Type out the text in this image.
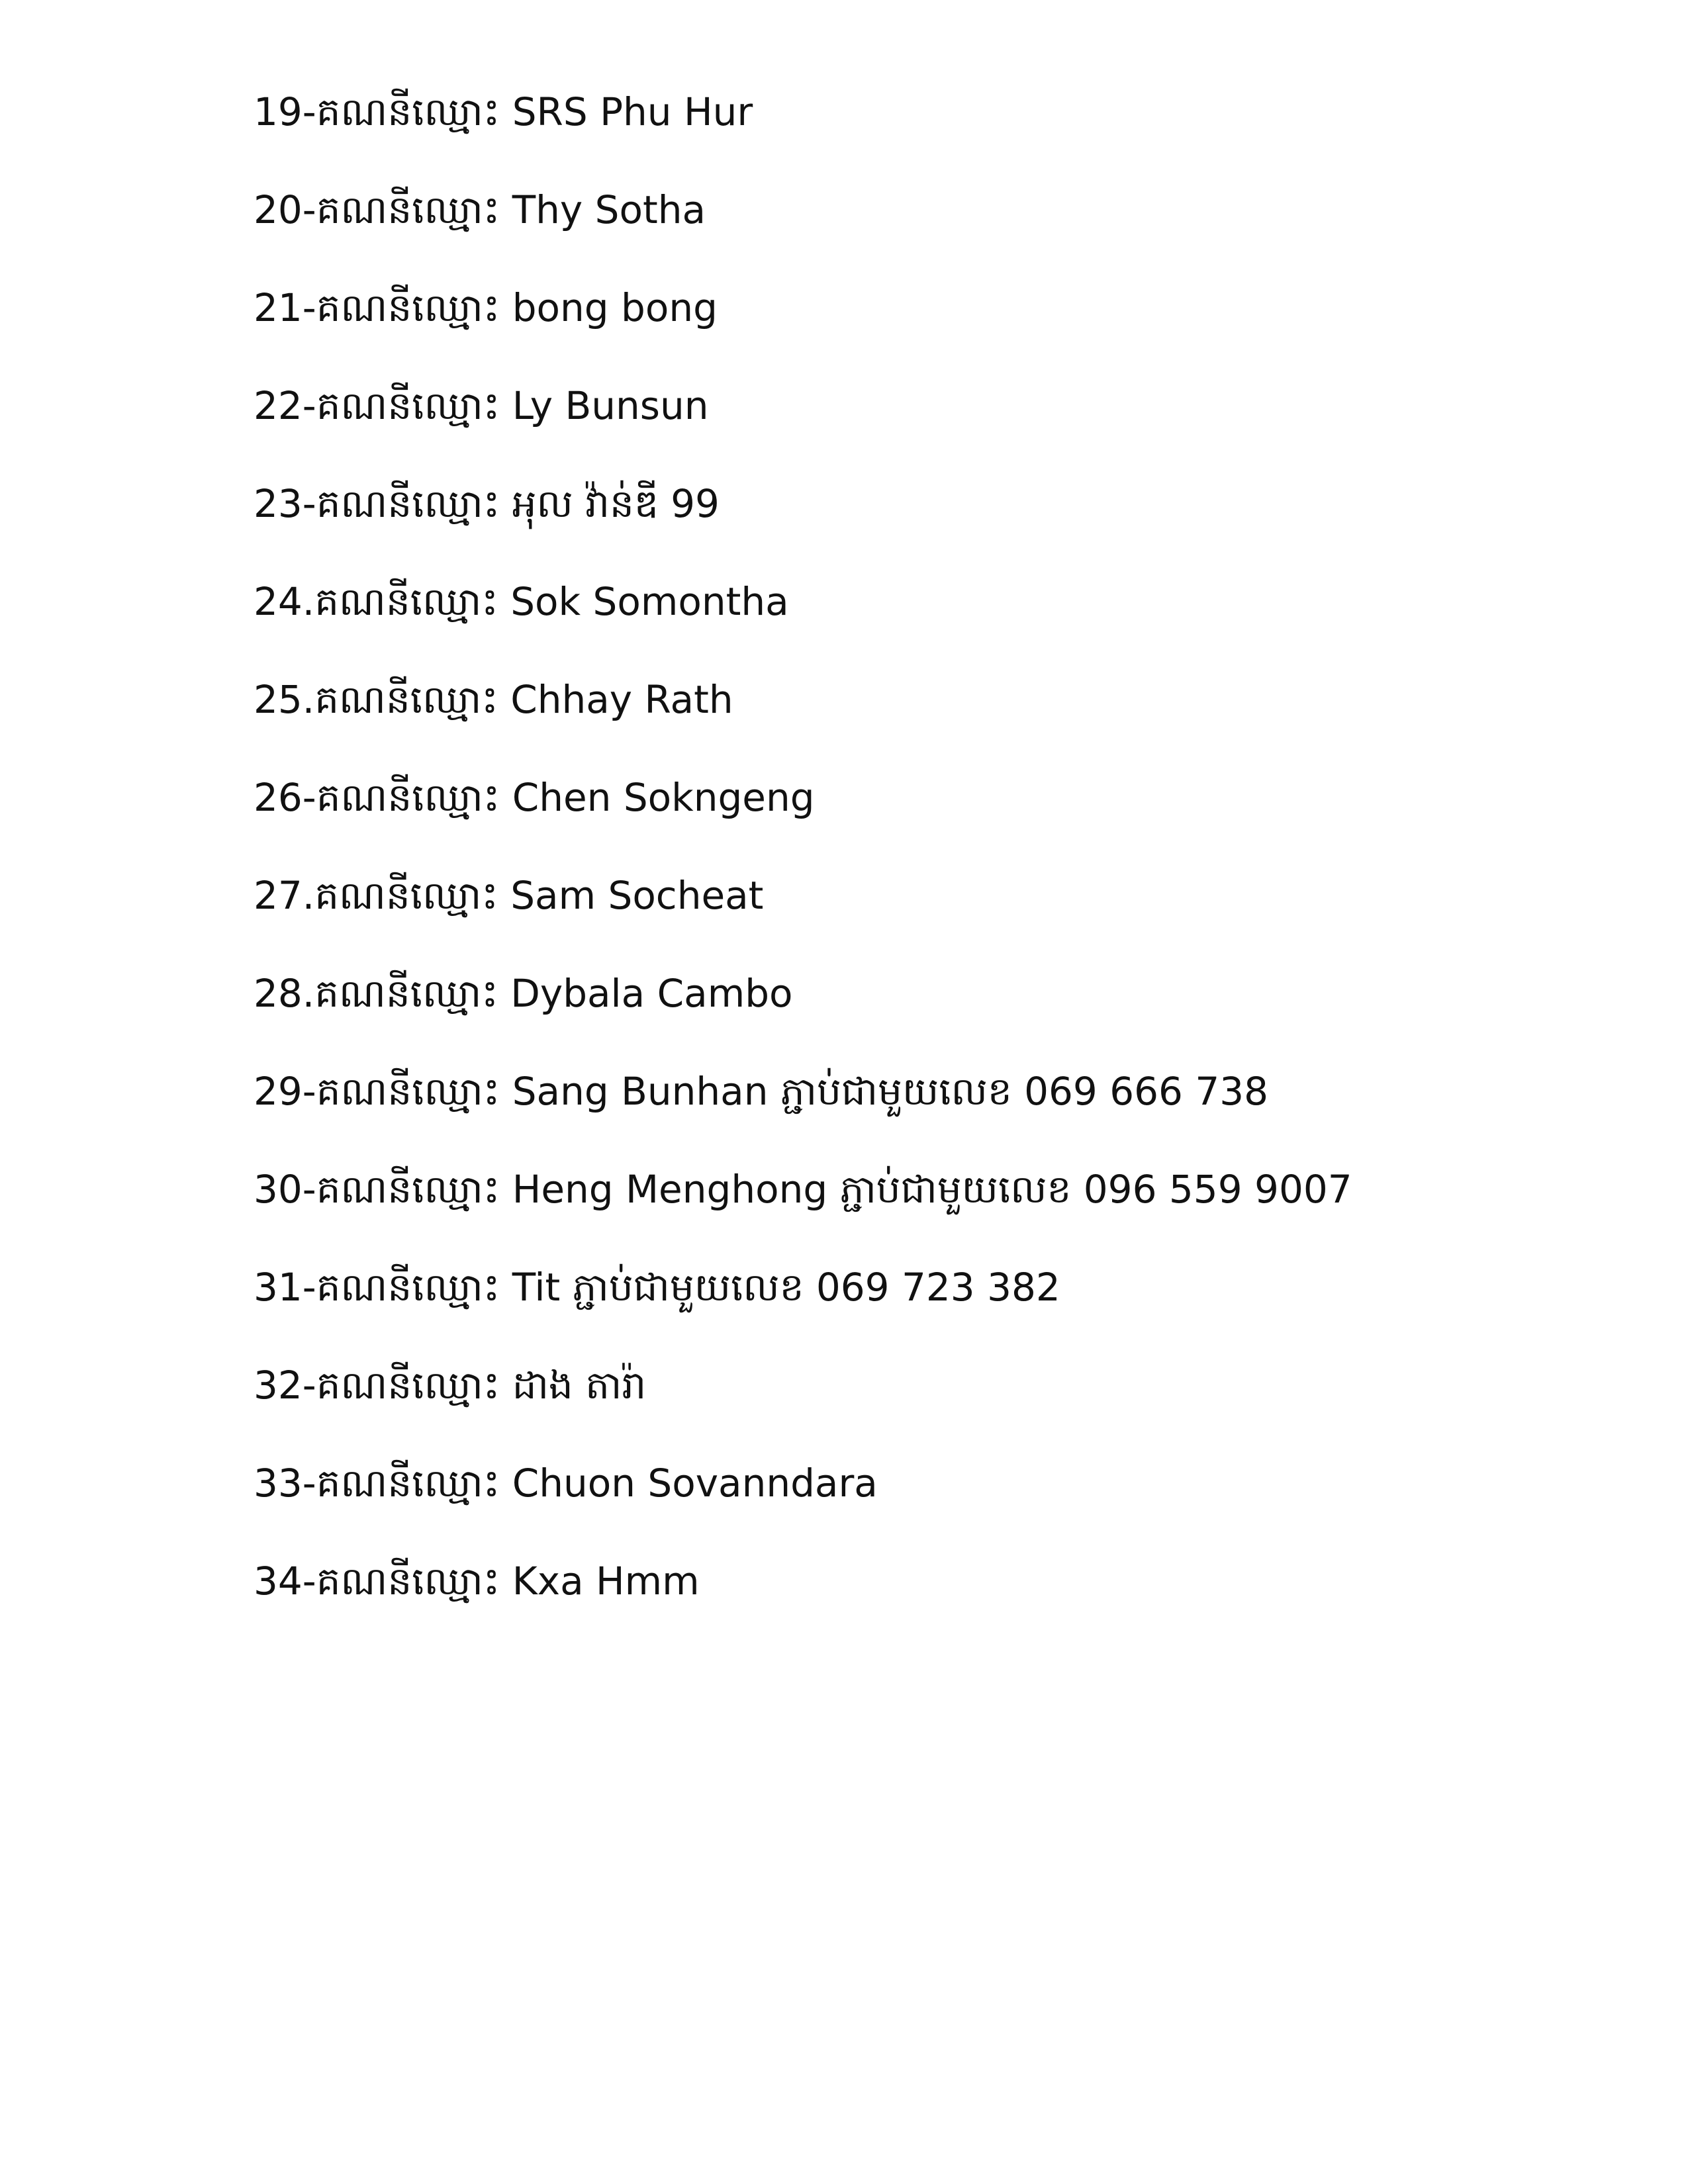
19-គណនីឈ្មោះ SRS Phu Hur
20-គណនីឈ្មោះ Thy Sotha
21-គណនីឈ្មោះ bong bong
22-គណនីឈ្មោះ Ly Bunsun
23-គណនីឈ្មោះ អុល វ៉ាន់ឌី 99
24.គណនីឈ្មោះ Sok Somontha
25.គណនីឈ្មោះ Chhay Rath
26-គណនីឈ្មោះ Chen Sokngeng
27.គណនីឈ្មោះ Sam Socheat
28.គណនីឈ្មោះ Dybala Cambo
29-គណនីឈ្មោះ Sang Bunhan ភ្ជាប់ជាមួយលេខ 069 666 738
30-គណនីឈ្មោះ Heng Menghong ភ្ជាប់ជាមួយលេខ 096 559 9007
31-គណនីឈ្មោះ Tit ភ្ជាប់ជាមួយលេខ 069 723 382
32-គណនីឈ្មោះ ដាង តារ៉ា
33-គណនីឈ្មោះ Chuon Sovanndara
34-គណនីឈ្មោះ Kxa Hmm
